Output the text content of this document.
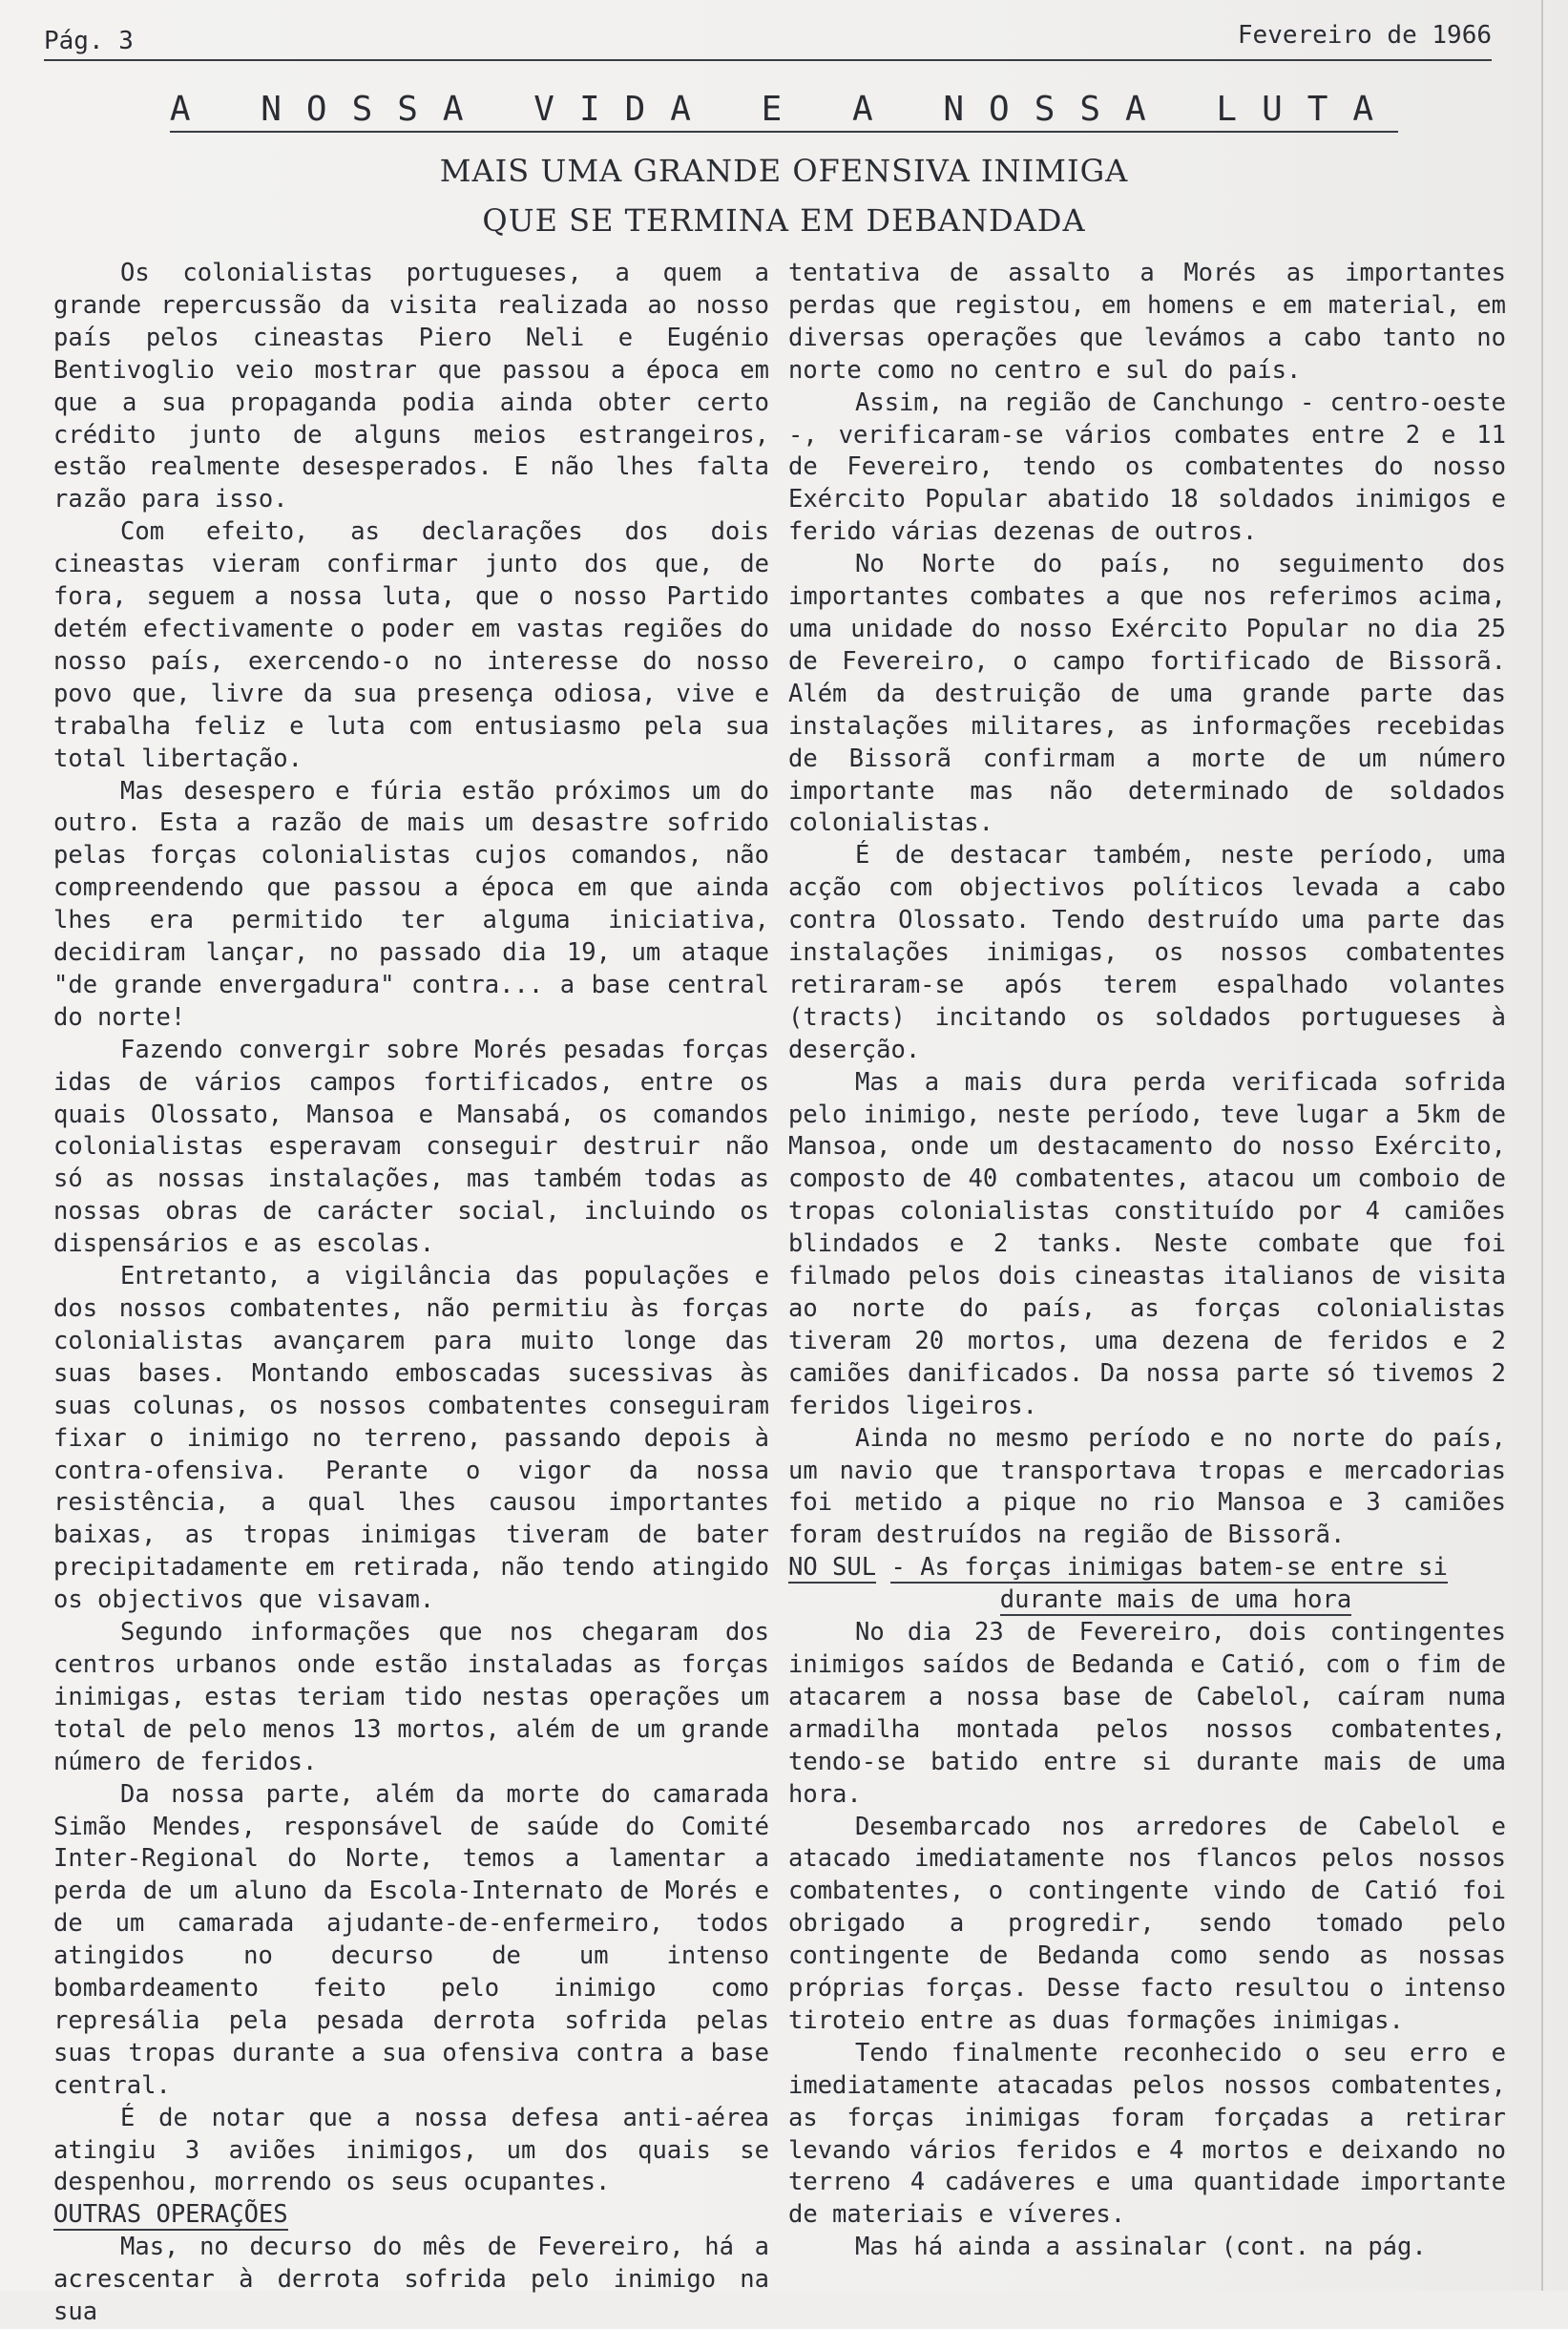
Pág. 3	Fevereiro de 1966
A NOSSA VIDA E A NOSSA LUTA
MAIS UMA GRANDE OFENSIVA INIMIGA
QUE SE TERMINA EM DEBANDADA

Os colonialistas portugueses, a quem a grande repercussão da visita realizada ao nosso país pelos cineastas Piero Neli e Eugénio Bentivoglio veio mostrar que passou a época em que a sua propaganda podia ainda obter certo crédito junto de alguns meios estrangeiros, estão realmente desesperados. E não lhes falta razão para isso.

Com efeito, as declarações dos dois cineastas vieram confirmar junto dos que, de fora, seguem a nossa luta, que o nosso Partido detém efectivamente o poder em vastas regiões do nosso país, exercendo-o no interesse do nosso povo que, livre da sua presença odiosa, vive e trabalha feliz e luta com entusiasmo pela sua total libertação.

Mas desespero e fúria estão próximos um do outro. Esta a razão de mais um desastre sofrido pelas forças colonialistas cujos comandos, não compreendendo que passou a época em que ainda lhes era permitido ter alguma iniciativa, decidiram lançar, no passado dia 19, um ataque "de grande envergadura" contra... a base central do norte!

Fazendo convergir sobre Morés pesadas forças idas de vários campos fortificados, entre os quais Olossato, Mansoa e Mansabá, os comandos colonialistas esperavam conseguir destruir não só as nossas instalações, mas também todas as nossas obras de carácter social, incluindo os dispensários e as escolas.

Entretanto, a vigilância das populações e dos nossos combatentes, não permitiu às forças colonialistas avançarem para muito longe das suas bases. Montando emboscadas sucessivas às suas colunas, os nossos combatentes conseguiram fixar o inimigo no terreno, passando depois à contra-ofensiva. Perante o vigor da nossa resistência, a qual lhes causou importantes baixas, as tropas inimigas tiveram de bater precipitadamente em retirada, não tendo atingido os objectivos que visavam.

Segundo informações que nos chegaram dos centros urbanos onde estão instaladas as forças inimigas, estas teriam tido nestas operações um total de pelo menos 13 mortos, além de um grande número de feridos.

Da nossa parte, além da morte do camarada Simão Mendes, responsável de saúde do Comité Inter-Regional do Norte, temos a lamentar a perda de um aluno da Escola-Internato de Morés e de um camarada ajudante-de-enfermeiro, todos atingidos no decurso de um intenso bombardeamento feito pelo inimigo como represália pela pesada derrota sofrida pelas suas tropas durante a sua ofensiva contra a base central.

É de notar que a nossa defesa anti-aérea atingiu 3 aviões inimigos, um dos quais se despenhou, morrendo os seus ocupantes.

OUTRAS OPERAÇÕES

Mas, no decurso do mês de Fevereiro, há a acrescentar à derrota sofrida pelo inimigo na sua

tentativa de assalto a Morés as importantes perdas que registou, em homens e em material, em diversas operações que levámos a cabo tanto no norte como no centro e sul do país.

Assim, na região de Canchungo - centro-oeste -, verificaram-se vários combates entre 2 e 11 de Fevereiro, tendo os combatentes do nosso Exército Popular abatido 18 soldados inimigos e ferido várias dezenas de outros.

No Norte do país, no seguimento dos importantes combates a que nos referimos acima, uma unidade do nosso Exército Popular no dia 25 de Fevereiro, o campo fortificado de Bissorã. Além da destruição de uma grande parte das instalações militares, as informações recebidas de Bissorã confirmam a morte de um número importante mas não determinado de soldados colonialistas.

É de destacar também, neste período, uma acção com objectivos políticos levada a cabo contra Olossato. Tendo destruído uma parte das instalações inimigas, os nossos combatentes retiraram-se após terem espalhado volantes (tracts) incitando os soldados portugueses à deserção.

Mas a mais dura perda verificada sofrida pelo inimigo, neste período, teve lugar a 5km de Mansoa, onde um destacamento do nosso Exército, composto de 40 combatentes, atacou um comboio de tropas colonialistas constituído por 4 camiões blindados e 2 tanks. Neste combate que foi filmado pelos dois cineastas italianos de visita ao norte do país, as forças colonialistas tiveram 20 mortos, uma dezena de feridos e 2 camiões danificados. Da nossa parte só tivemos 2 feridos ligeiros.

Ainda no mesmo período e no norte do país, um navio que transportava tropas e mercadorias foi metido a pique no rio Mansoa e 3 camiões foram destruídos na região de Bissorã.

NO SUL - As forças inimigas batem-se entre si
durante mais de uma hora

No dia 23 de Fevereiro, dois contingentes inimigos saídos de Bedanda e Catió, com o fim de atacarem a nossa base de Cabelol, caíram numa armadilha montada pelos nossos combatentes, tendo-se batido entre si durante mais de uma hora.

Desembarcado nos arredores de Cabelol e atacado imediatamente nos flancos pelos nossos combatentes, o contingente vindo de Catió foi obrigado a progredir, sendo tomado pelo contingente de Bedanda como sendo as nossas próprias forças. Desse facto resultou o intenso tiroteio entre as duas formações inimigas.

Tendo finalmente reconhecido o seu erro e imediatamente atacadas pelos nossos combatentes, as forças inimigas foram forçadas a retirar levando vários feridos e 4 mortos e deixando no terreno 4 cadáveres e uma quantidade importante de materiais e víveres.

Mas há ainda a assinalar (cont. na pág.
